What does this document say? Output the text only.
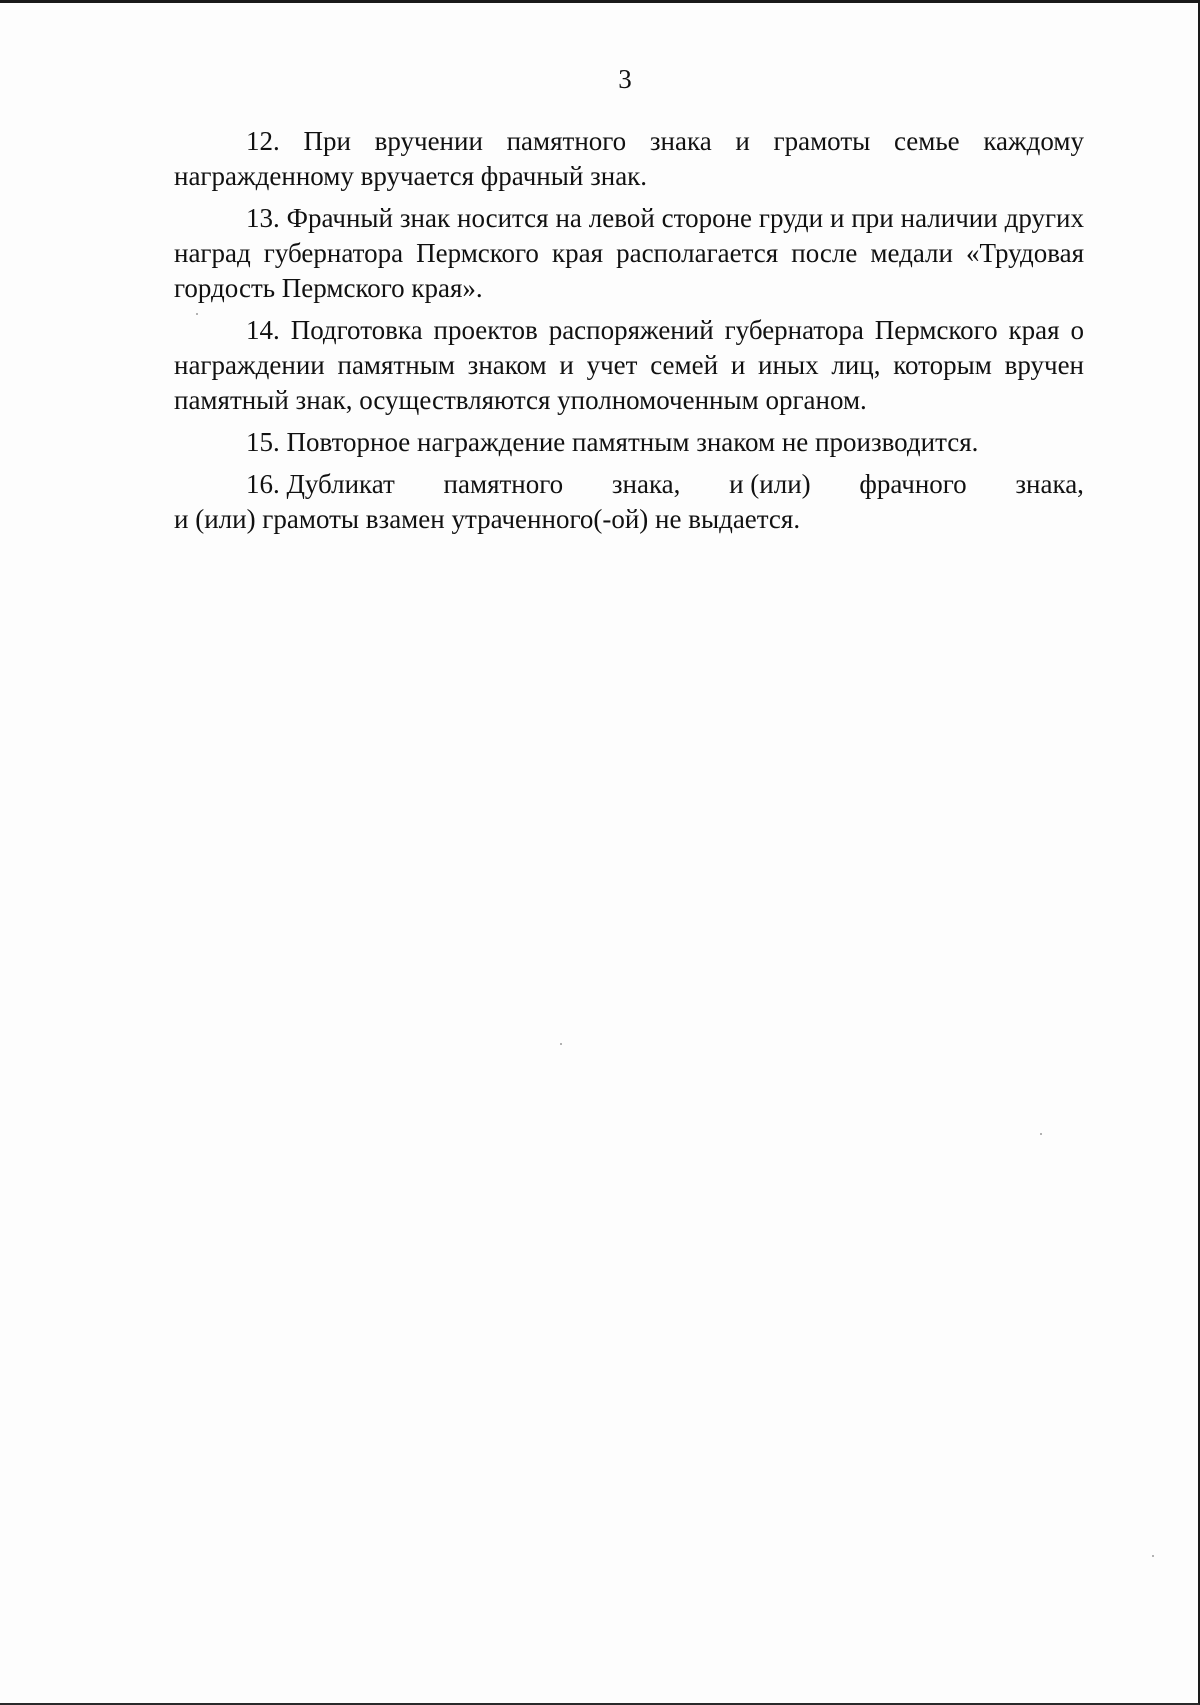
3

12. При вручении памятного знака и грамоты семье каждому награжденному вручается фрачный знак.

13. Фрачный знак носится на левой стороне груди и при наличии других наград губернатора Пермского края располагается после медали «Трудовая гордость Пермского края».

14. Подготовка проектов распоряжений губернатора Пермского края о награждении памятным знаком и учет семей и иных лиц, которым вручен памятный знак, осуществляются уполномоченным органом.

15. Повторное награждение памятным знаком не производится.

16. Дубликат памятного знака, и (или) фрачного знака,
и (или) грамоты взамен утраченного(-ой) не выдается.
